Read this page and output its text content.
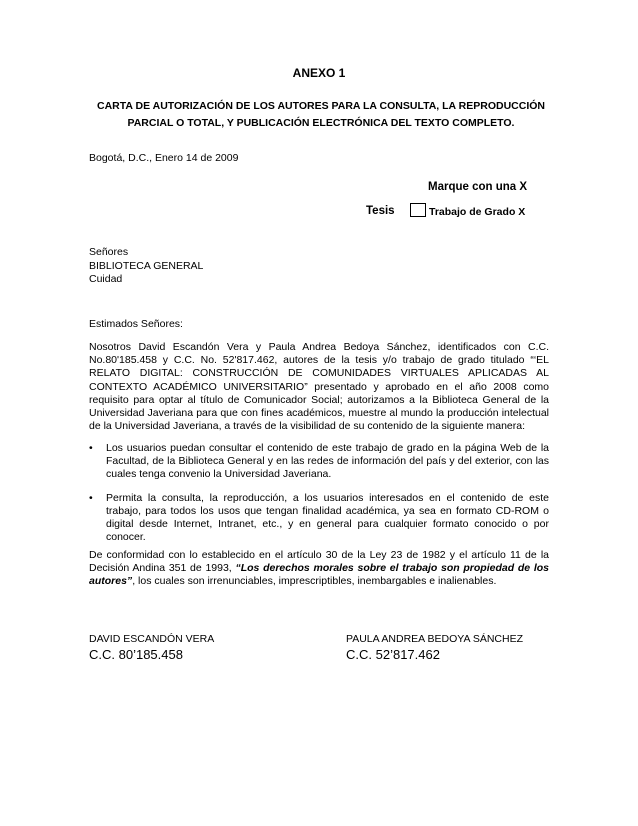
ANEXO 1
CARTA DE AUTORIZACIÓN DE LOS AUTORES PARA LA CONSULTA, LA REPRODUCCIÓN
PARCIAL O TOTAL, Y PUBLICACIÓN ELECTRÓNICA DEL TEXTO COMPLETO.
Bogotá, D.C., Enero 14 de 2009
Marque con una X
Tesis	Trabajo de Grado X
Señores
BIBLIOTECA GENERAL
Cuidad
Estimados Señores:
Nosotros David Escandón Vera y Paula Andrea Bedoya Sánchez, identificados con C.C. No.80'185.458 y C.C. No. 52'817.462, autores de la tesis y/o trabajo de grado titulado “‘EL RELATO DIGITAL: CONSTRUCCIÓN DE COMUNIDADES VIRTUALES APLICADAS AL CONTEXTO ACADÉMICO UNIVERSITARIO” presentado y aprobado en el año 2008 como requisito para optar al título de Comunicador Social; autorizamos a la Biblioteca General de la Universidad Javeriana para que con fines académicos, muestre al mundo la producción intelectual de la Universidad Javeriana, a través de la visibilidad de su contenido de la siguiente manera:
• Los usuarios puedan consultar el contenido de este trabajo de grado en la página Web de la Facultad, de la Biblioteca General y en las redes de información del país y del exterior, con las cuales tenga convenio la Universidad Javeriana.
• Permita la consulta, la reproducción, a los usuarios interesados en el contenido de este trabajo, para todos los usos que tengan finalidad académica, ya sea en formato CD-ROM o digital desde Internet, Intranet, etc., y en general para cualquier formato conocido o por conocer.
De conformidad con lo establecido en el artículo 30 de la Ley 23 de 1982 y el artículo 11 de la Decisión Andina 351 de 1993, “Los derechos morales sobre el trabajo son propiedad de los autores”, los cuales son irrenunciables, imprescriptibles, inembargables e inalienables.
DAVID ESCANDÓN VERA
C.C. 80’185.458
PAULA ANDREA BEDOYA SÁNCHEZ
C.C. 52’817.462
